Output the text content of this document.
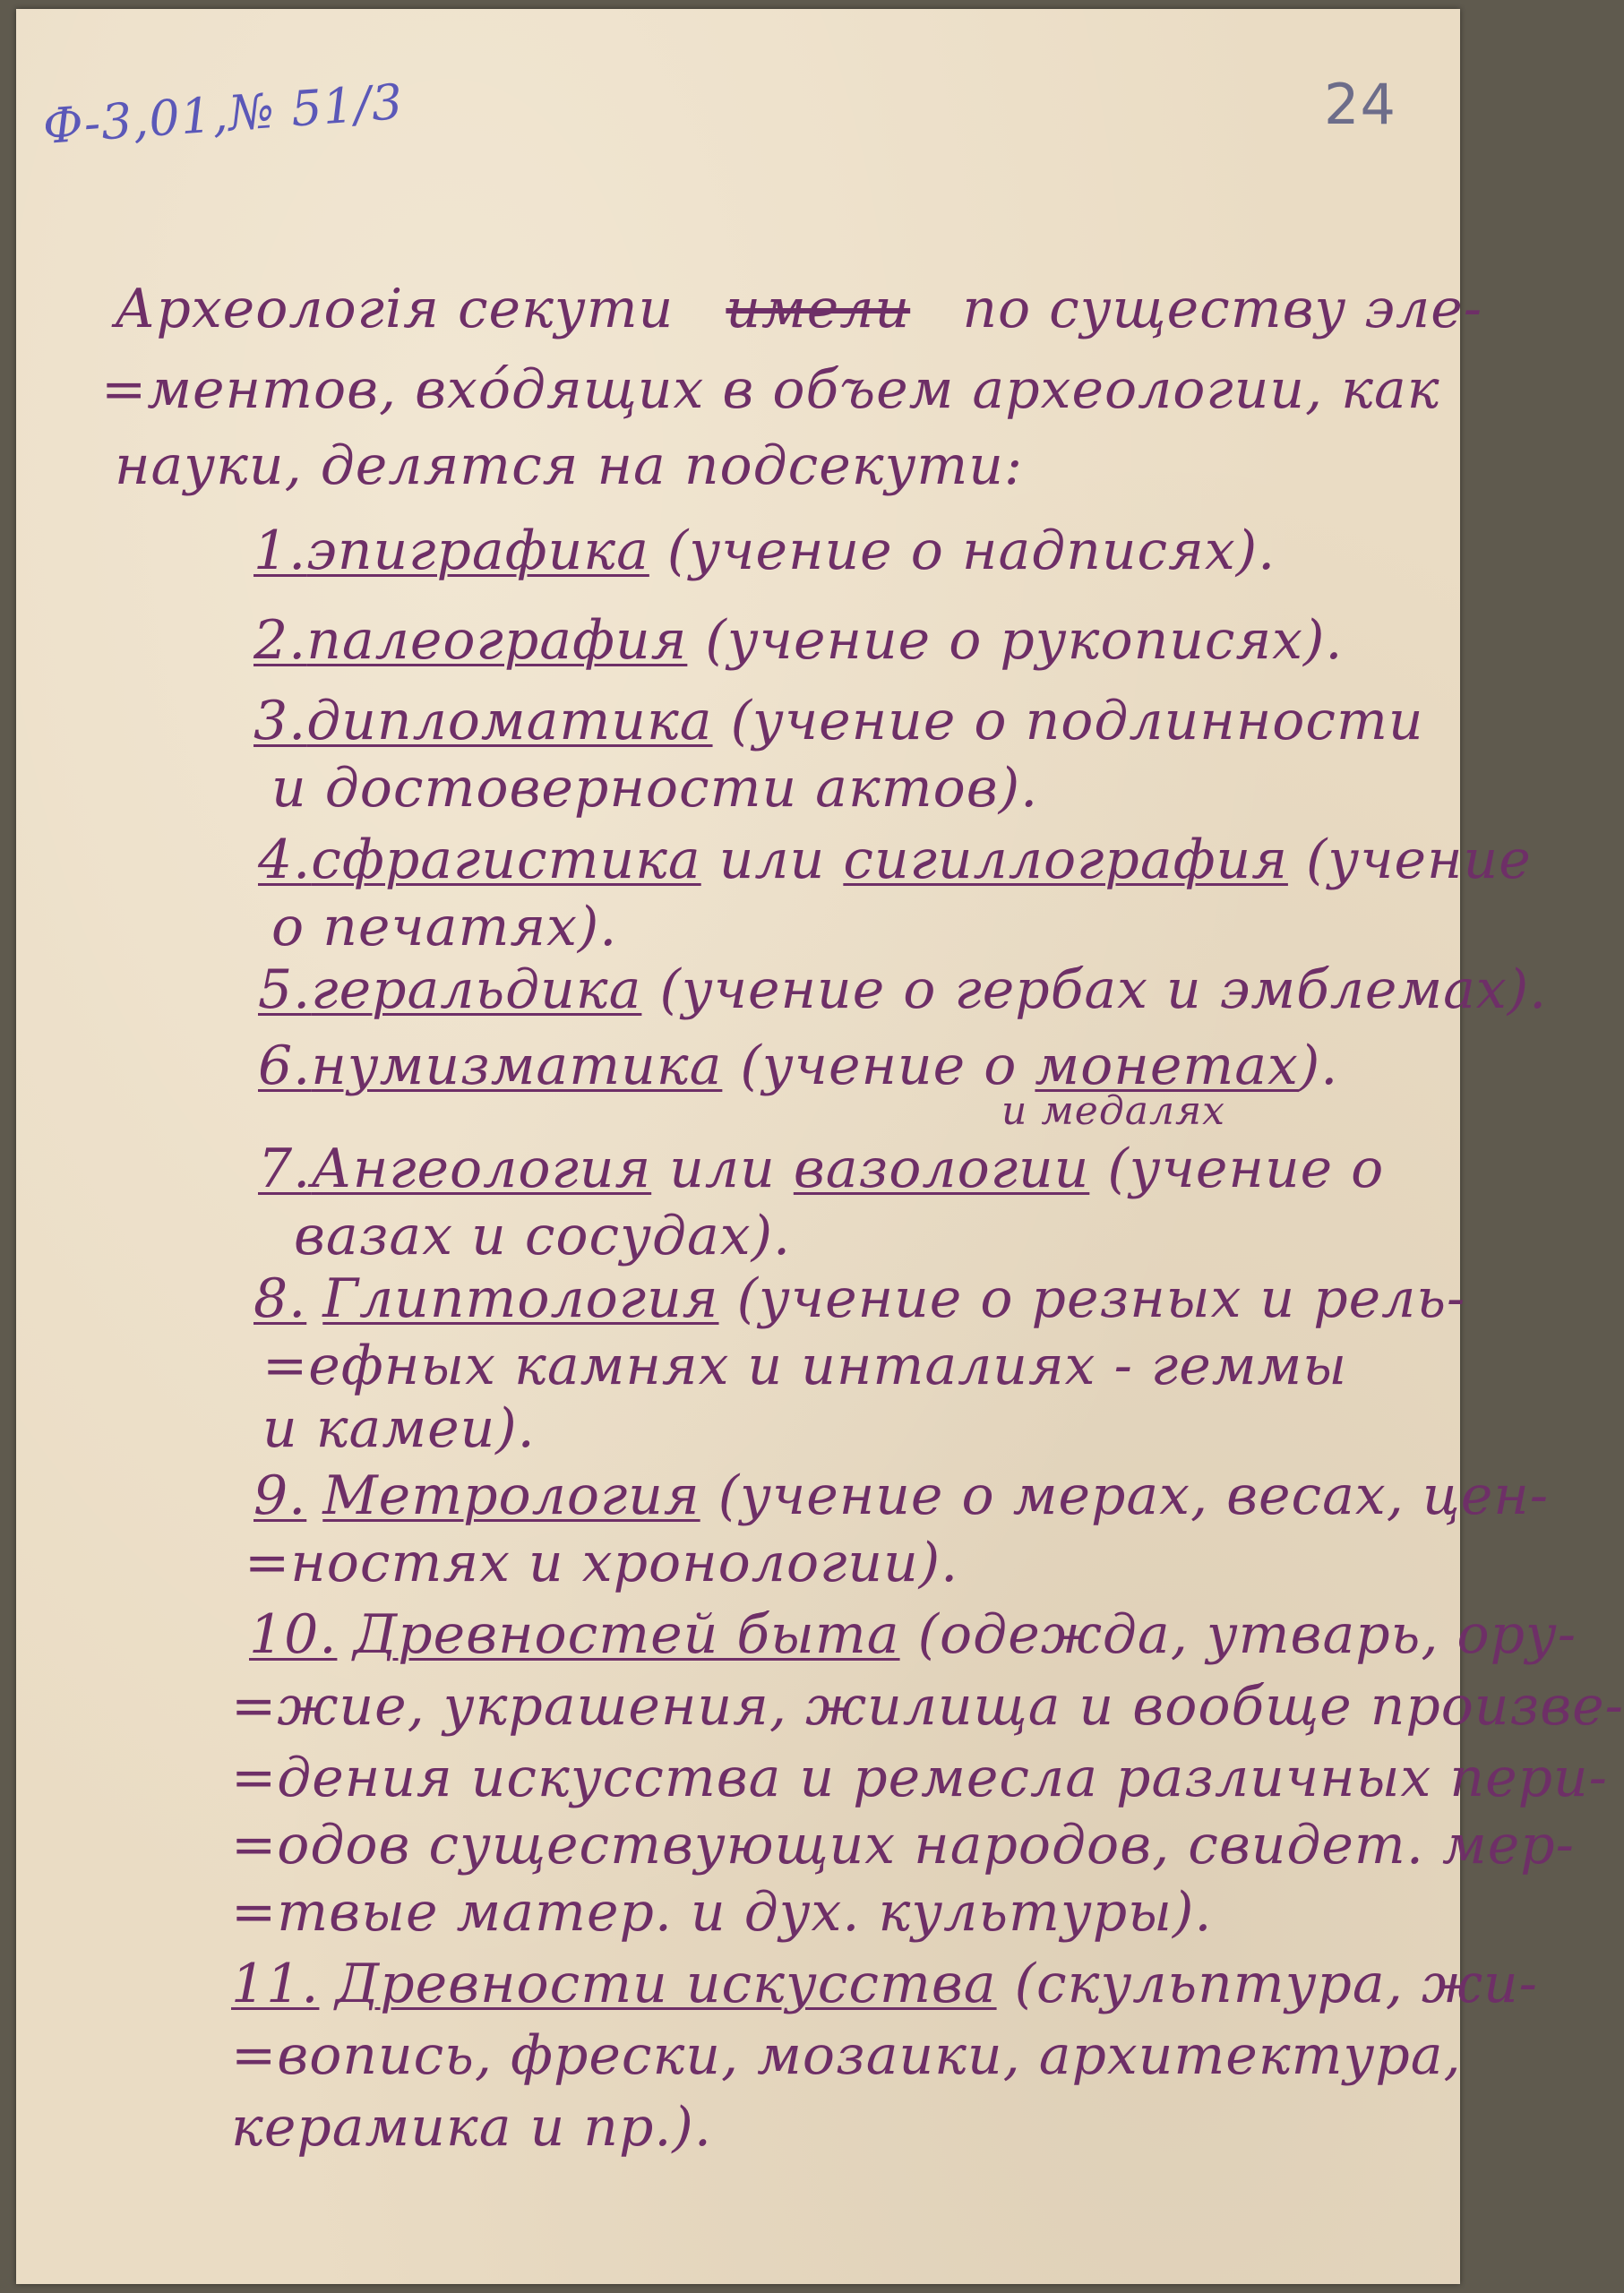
Ф-3,01,№ 51/3	24
Археологія секути имели по существу эле-
=ментов, вхо́дящих в объем археологии, как
науки, делятся на подсекути:
1.эпиграфика (учение о надписях).
2.палеография (учение о рукописях).
3.дипломатика (учение о подлинности
и достоверности актов).
4.сфрагистика или сигиллография (учение
о печатях).
5.геральдика (учение о гербах и эмблемах).
и медалях
6.нумизматика (учение о монетах).
7.Ангеология или вазологии (учение о
вазах и сосудах).
8. Глиптология (учение о резных и рель-
=ефных камнях и инталиях - геммы
и камеи).
9. Метрология (учение о мерах, весах, цен-
=ностях и хронологии).
10. Древностей быта (одежда, утварь, ору-
=жие, украшения, жилища и вообще произве-
=дения искусства и ремесла различных пери-
=одов существующих народов, свидет. мер-
=твые матер. и дух. культуры).
11. Древности искусства (скульптура, жи-
=вопись, фрески, мозаики, архитектура,
керамика и пр.).
